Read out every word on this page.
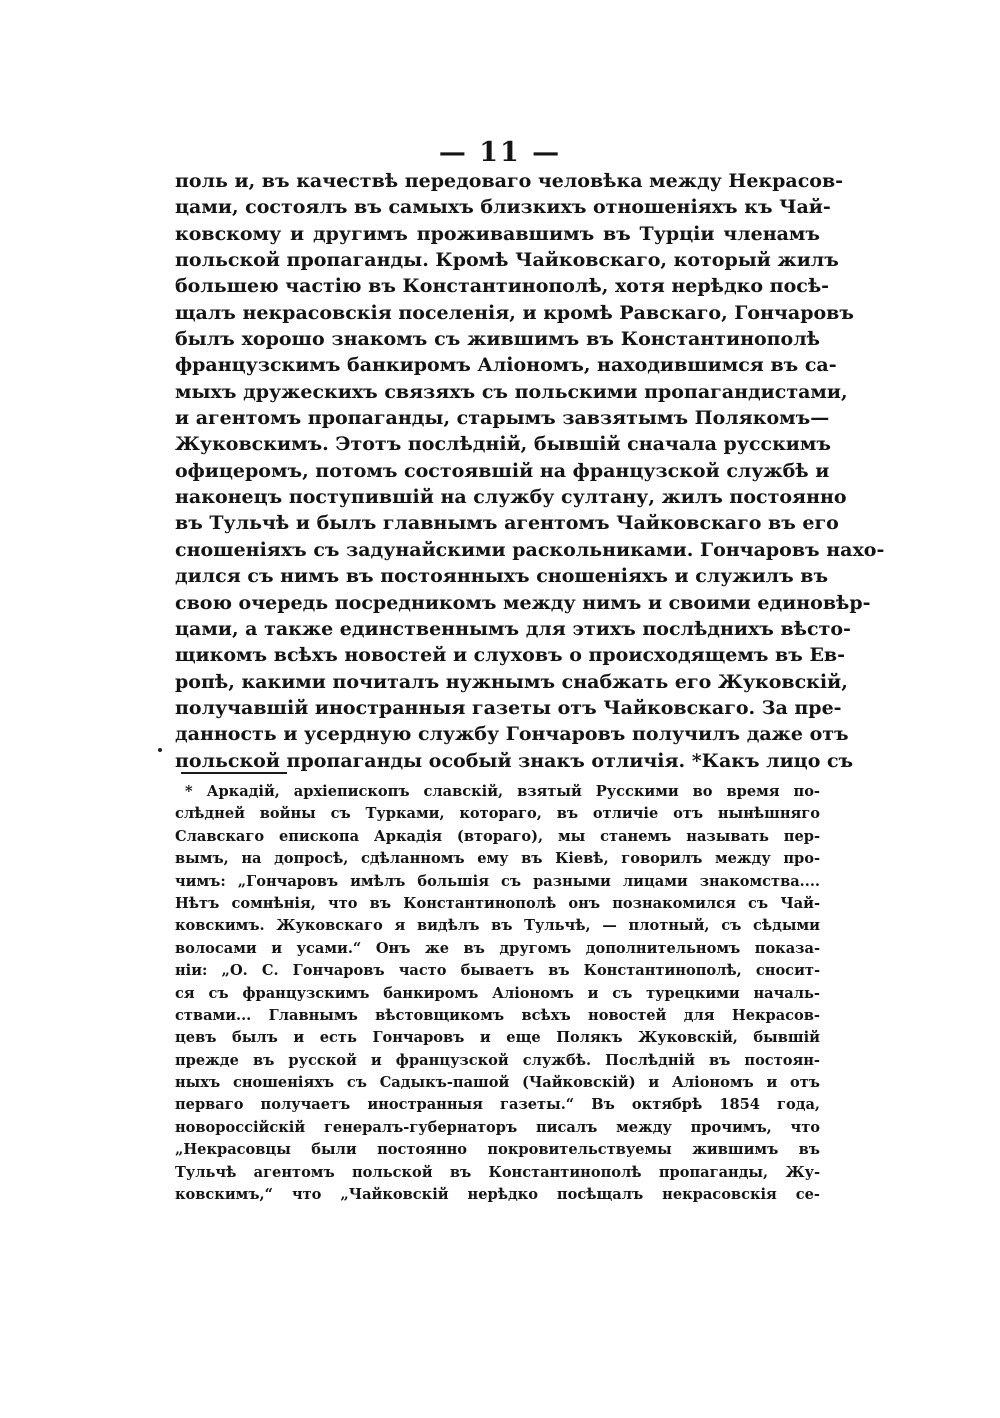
— 11 —
поль и, въ качествѣ передоваго человѣка между Некрасов-
цами, состоялъ въ самыхъ близкихъ отношеніяхъ къ Чай-
ковскому и другимъ проживавшимъ въ Турціи членамъ
польской пропаганды. Кромѣ Чайковскаго, который жилъ
большею частію въ Константинополѣ, хотя нерѣдко посѣ-
щалъ некрасовскія поселенія, и кромѣ Равскаго, Гончаровъ
былъ хорошо знакомъ съ жившимъ въ Константинополѣ
французскимъ банкиромъ Аліономъ, находившимся въ са-
мыхъ дружескихъ связяхъ съ польскими пропагандистами,
и агентомъ пропаганды, старымъ завзятымъ Полякомъ—
Жуковскимъ. Этотъ послѣдній, бывшій сначала русскимъ
офицеромъ, потомъ состоявшій на французской службѣ и
наконецъ поступившій на службу султану, жилъ постоянно
въ Тульчѣ и былъ главнымъ агентомъ Чайковскаго въ его
сношеніяхъ съ задунайскими раскольниками. Гончаровъ нахо-
дился съ нимъ въ постоянныхъ сношеніяхъ и служилъ въ
свою очередь посредникомъ между нимъ и своими единовѣр-
цами, а также единственнымъ для этихъ послѣднихъ вѣсто-
щикомъ всѣхъ новостей и слуховъ о происходящемъ въ Ев-
ропѣ, какими почиталъ нужнымъ снабжать его Жуковскій,
получавшій иностранныя газеты отъ Чайковскаго. За пре-
данность и усердную службу Гончаровъ получилъ даже отъ
польской пропаганды особый знакъ отличія. *Какъ лицо съ
* Аркадій, архіепископъ славскій, взятый Русскими во время по-
слѣдней войны съ Турками, котораго, въ отличіе отъ нынѣшняго
Славскаго епископа Аркадія (втораго), мы станемъ называть пер-
вымъ, на допросѣ, сдѣланномъ ему въ Кіевѣ, говорилъ между про-
чимъ: „Гончаровъ имѣлъ большія съ разными лицами знакомства....
Нѣтъ сомнѣнія, что въ Константинополѣ онъ познакомился съ Чай-
ковскимъ. Жуковскаго я видѣлъ въ Тульчѣ, — плотный, съ сѣдыми
волосами и усами.“ Онъ же въ другомъ дополнительномъ показа-
ніи: „О. С. Гончаровъ часто бываетъ въ Константинополѣ, сносит-
ся съ французскимъ банкиромъ Аліономъ и съ турецкими началь-
ствами... Главнымъ вѣстовщикомъ всѣхъ новостей для Некрасов-
цевъ былъ и есть Гончаровъ и еще Полякъ Жуковскій, бывшій
прежде въ русской и французской службѣ. Послѣдній въ постоян-
ныхъ сношеніяхъ съ Садыкъ-пашой (Чайковскій) и Аліономъ и отъ
перваго получаетъ иностранныя газеты.“ Въ октябрѣ 1854 года,
новороссійскій генералъ-губернаторъ писалъ между прочимъ, что
„Некрасовцы были постоянно покровительствуемы жившимъ въ
Тульчѣ агентомъ польской въ Константинополѣ пропаганды, Жу-
ковскимъ,“ что „Чайковскій нерѣдко посѣщалъ некрасовскія се-
